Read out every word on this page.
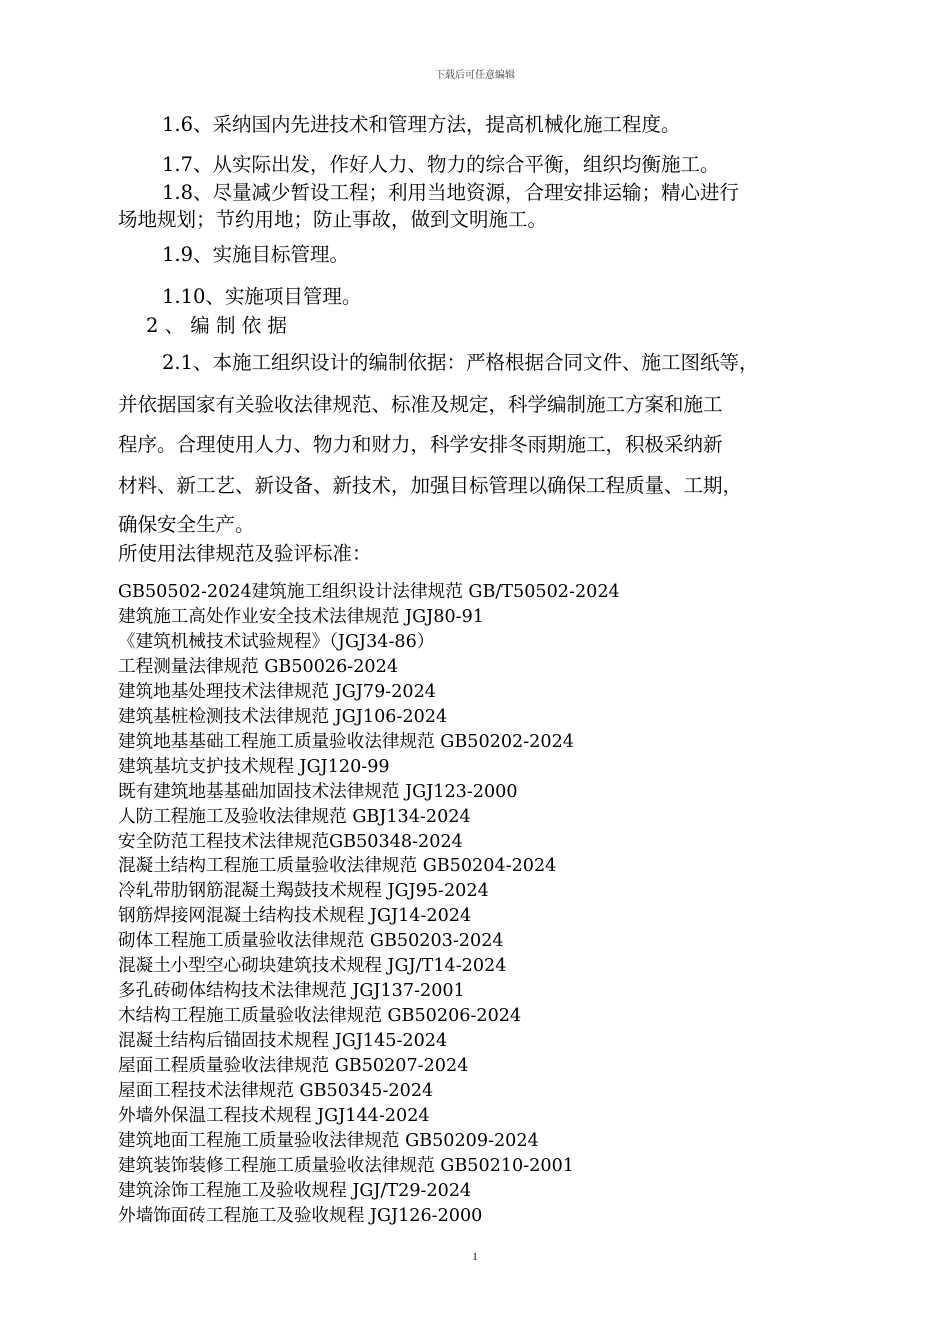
下载后可任意编辑
1.6、采纳国内先进技术和管理方法，提高机械化施工程度。
1.7、从实际出发，作好人力、物力的综合平衡，组织均衡施工。
1.8、尽量减少暂设工程；利用当地资源，合理安排运输；精心进行
场地规划；节约用地；防止事故，做到文明施工。
1.9、实施目标管理。
1.10、实施项目管理。
2 、 编 制 依 据
2.1、本施工组织设计的编制依据：严格根据合同文件、施工图纸等，
并依据国家有关验收法律规范、标准及规定，科学编制施工方案和施工
程序。合理使用人力、物力和财力，科学安排冬雨期施工，积极采纳新
材料、新工艺、新设备、新技术，加强目标管理以确保工程质量、工期，
确保安全生产。
所使用法律规范及验评标准：
GB50502-2024建筑施工组织设计法律规范 GB/T50502-2024
建筑施工高处作业安全技术法律规范 JGJ80-91
《建筑机械技术试验规程》（JGJ34-86）
工程测量法律规范 GB50026-2024
建筑地基处理技术法律规范 JGJ79-2024
建筑基桩检测技术法律规范 JGJ106-2024
建筑地基基础工程施工质量验收法律规范 GB50202-2024
建筑基坑支护技术规程 JGJ120-99
既有建筑地基基础加固技术法律规范 JGJ123-2000
人防工程施工及验收法律规范 GBJ134-2024
安全防范工程技术法律规范GB50348-2024
混凝土结构工程施工质量验收法律规范 GB50204-2024
冷轧带肋钢筋混凝土羯鼓技术规程 JGJ95-2024
钢筋焊接网混凝土结构技术规程 JGJ14-2024
砌体工程施工质量验收法律规范 GB50203-2024
混凝土小型空心砌块建筑技术规程 JGJ/T14-2024
多孔砖砌体结构技术法律规范 JGJ137-2001
木结构工程施工质量验收法律规范 GB50206-2024
混凝土结构后锚固技术规程 JGJ145-2024
屋面工程质量验收法律规范 GB50207-2024
屋面工程技术法律规范 GB50345-2024
外墙外保温工程技术规程 JGJ144-2024
建筑地面工程施工质量验收法律规范 GB50209-2024
建筑装饰装修工程施工质量验收法律规范 GB50210-2001
建筑涂饰工程施工及验收规程 JGJ/T29-2024
外墙饰面砖工程施工及验收规程 JGJ126-2000
1
